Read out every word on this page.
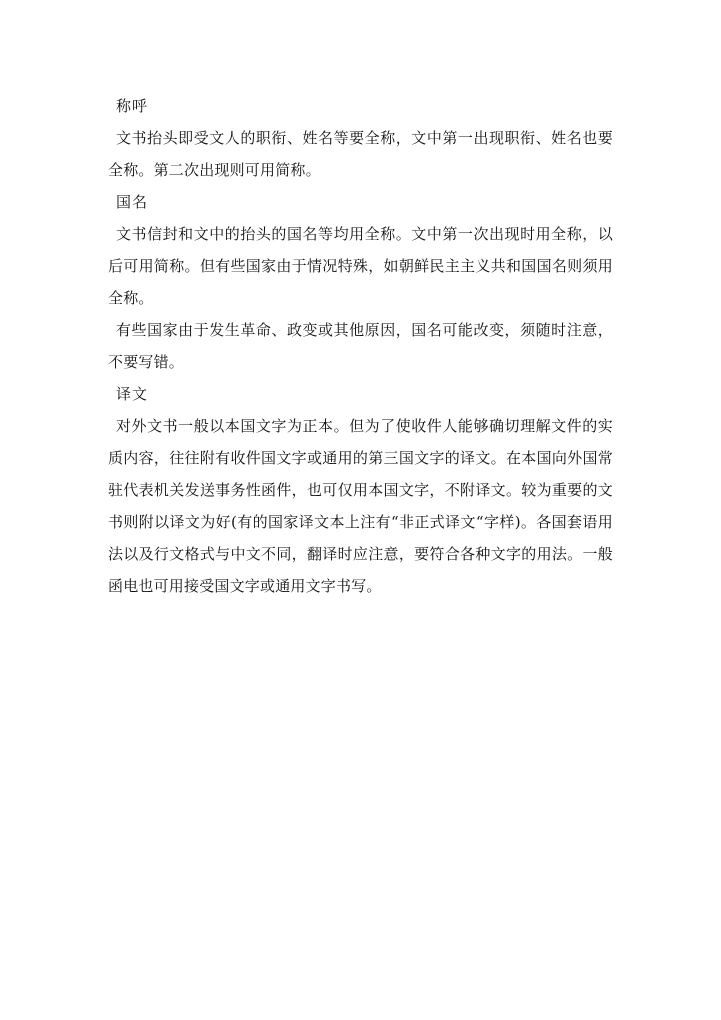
称呼

文书抬头即受文人的职衔、姓名等要全称，文中第一出现职衔、姓名也要全称。第二次出现则可用简称。

国名

文书信封和文中的抬头的国名等均用全称。文中第一次出现时用全称，以后可用简称。但有些国家由于情况特殊，如朝鲜民主主义共和国国名则须用全称。

有些国家由于发生革命、政变或其他原因，国名可能改变，须随时注意，不要写错。

译文

对外文书一般以本国文字为正本。但为了使收件人能够确切理解文件的实质内容，往往附有收件国文字或通用的第三国文字的译文。在本国向外国常驻代表机关发送事务性函件，也可仅用本国文字，不附译文。较为重要的文书则附以译文为好(有的国家译文本上注有“非正式译文“字样)。各国套语用法以及行文格式与中文不同，翻译时应注意，要符合各种文字的用法。一般函电也可用接受国文字或通用文字书写。
